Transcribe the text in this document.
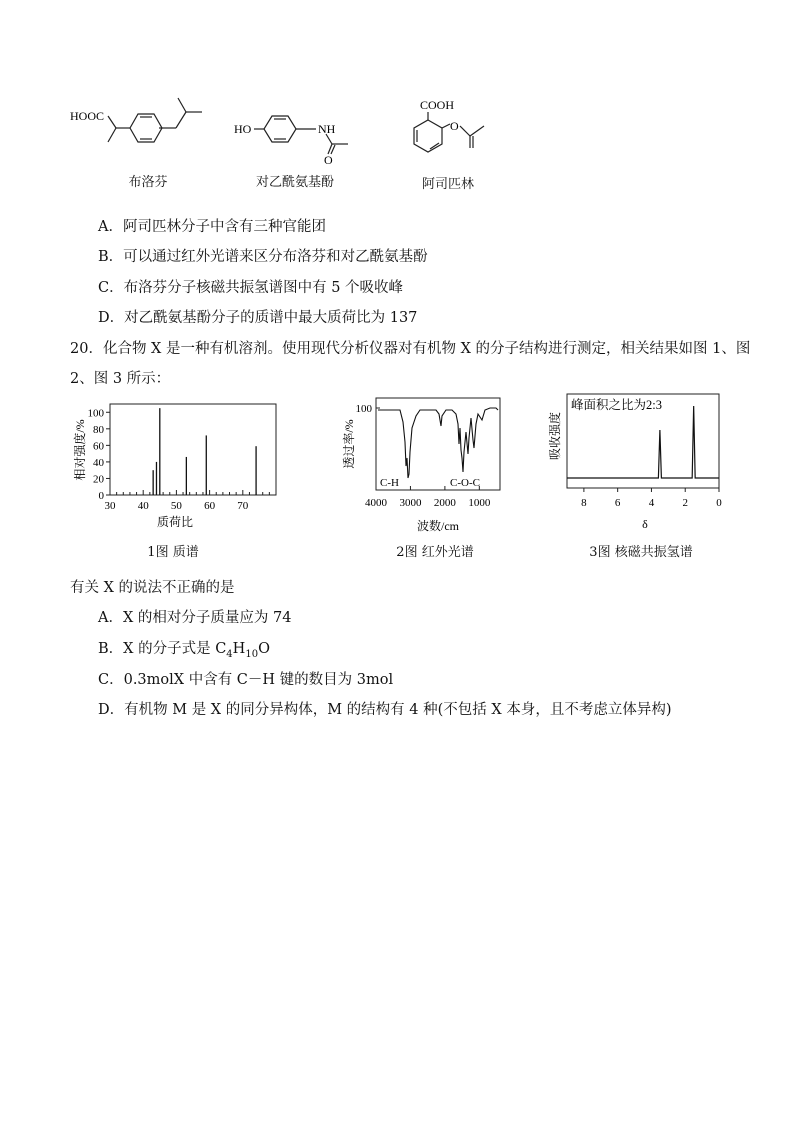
HOOC
布洛芬
HO	NH
O
对乙酰氨基酚
COOH
O
阿司匹林
A．阿司匹林分子中含有三种官能团
B．可以通过红外光谱来区分布洛芬和对乙酰氨基酚
C．布洛芬分子核磁共振氢谱图中有 5 个吸收峰
D．对乙酰氨基酚分子的质谱中最大质荷比为 137
20．化合物 X 是一种有机溶剂。使用现代分析仪器对有机物 X 的分子结构进行测定，相关结果如图 1、图
2、图 3 所示：
0
20
40
60
80
100
30 40 50 60 70
相对强度/%
质荷比
1图 质谱
100
透过率/%
C-H	C-O-C
4000 3000 2000 1000
波数/cm
2图 红外光谱
吸收强度
峰面积之比为2:3
8	6	4	2	0
δ
3图 核磁共振氢谱
有关 X 的说法不正确的是
A．X 的相对分子质量应为 74
B．X 的分子式是 $C_4H_{10}O$
C．0.3molX 中含有 C－H 键的数目为 3mol
D．有机物 M 是 X 的同分异构体，M 的结构有 4 种(不包括 X 本身，且不考虑立体异构)
